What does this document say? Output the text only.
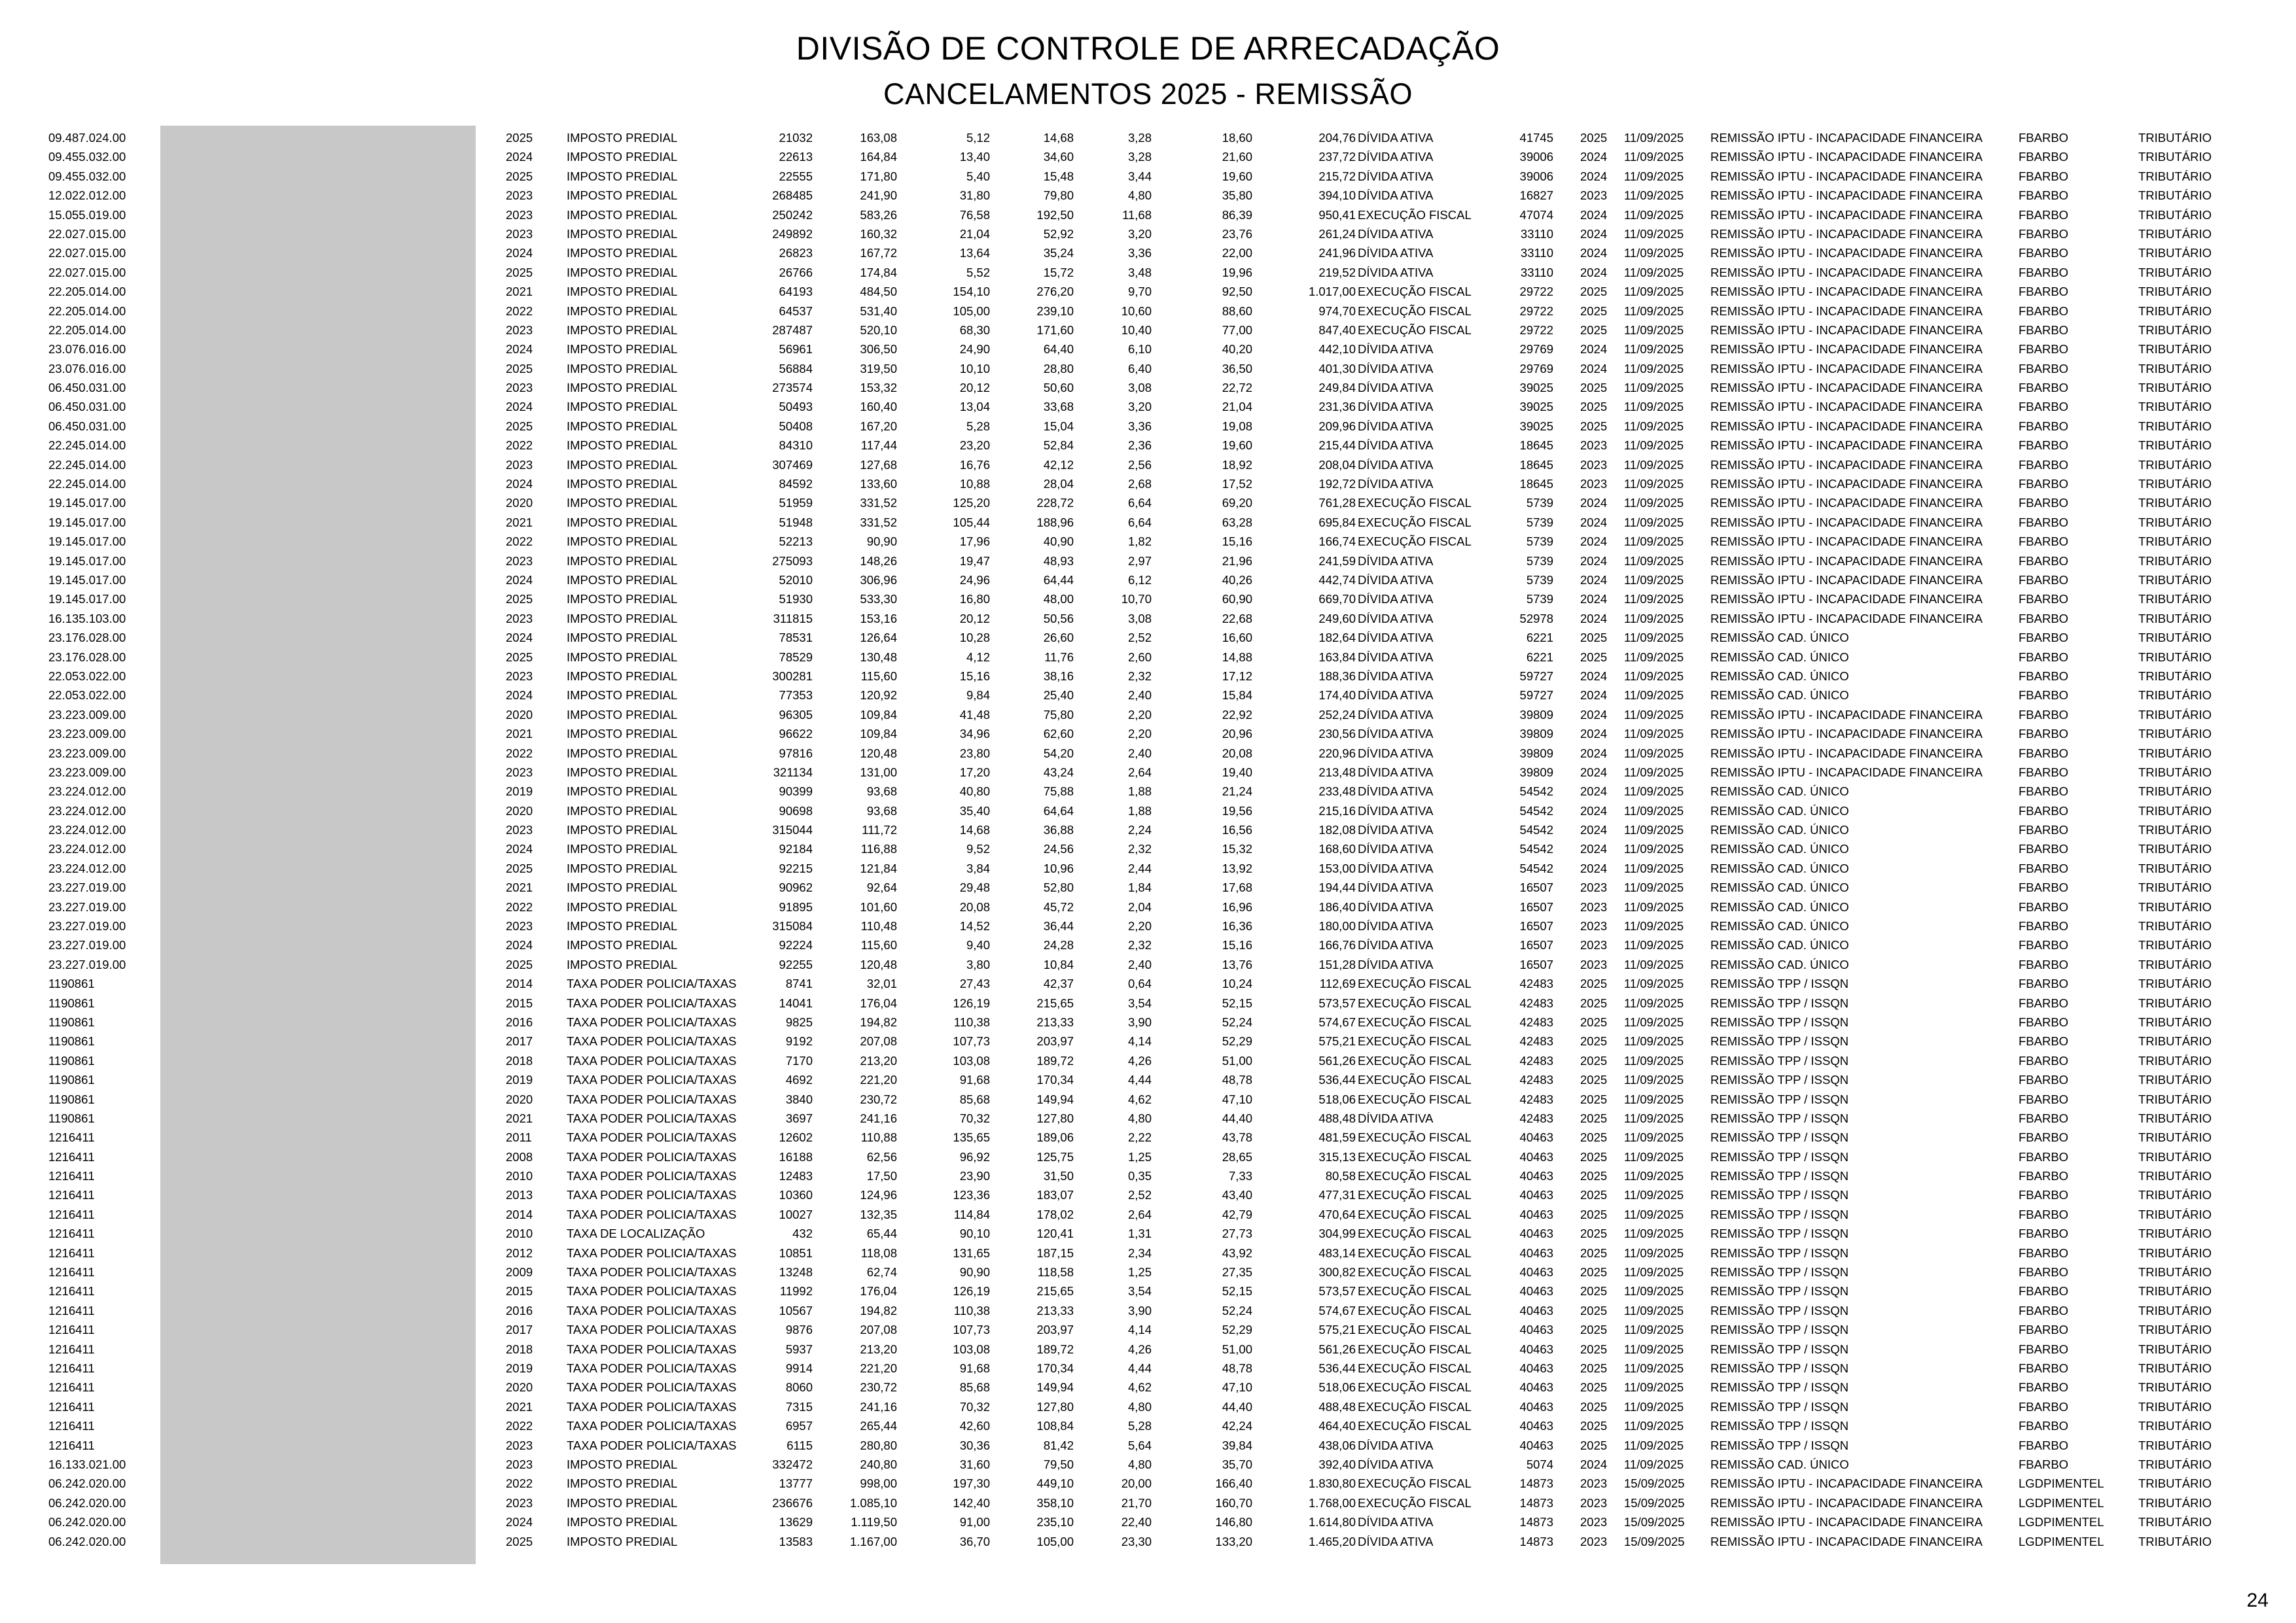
DIVISÃO DE CONTROLE DE ARRECADAÇÃO
CANCELAMENTOS 2025 - REMISSÃO
09.487.024.00	2025	IMPOSTO PREDIAL	21032	163,08	5,12	14,68	3,28	18,60	204,76 DÍVIDA ATIVA	41745 2025 11/09/2025 REMISSÃO IPTU - INCAPACIDADE FINANCEIRA	FBARBO	TRIBUTÁRIO
09.455.032.00	2024	IMPOSTO PREDIAL	22613	164,84	13,40	34,60	3,28	21,60	237,72 DÍVIDA ATIVA	39006 2024 11/09/2025 REMISSÃO IPTU - INCAPACIDADE FINANCEIRA	FBARBO	TRIBUTÁRIO
09.455.032.00	2025	IMPOSTO PREDIAL	22555	171,80	5,40	15,48	3,44	19,60	215,72 DÍVIDA ATIVA	39006 2024 11/09/2025 REMISSÃO IPTU - INCAPACIDADE FINANCEIRA	FBARBO	TRIBUTÁRIO
12.022.012.00	2023	IMPOSTO PREDIAL	268485	241,90	31,80	79,80	4,80	35,80	394,10 DÍVIDA ATIVA	16827 2023 11/09/2025 REMISSÃO IPTU - INCAPACIDADE FINANCEIRA	FBARBO	TRIBUTÁRIO
15.055.019.00	2023	IMPOSTO PREDIAL	250242	583,26	76,58	192,50	11,68	86,39	950,41 EXECUÇÃO FISCAL	47074 2024 11/09/2025 REMISSÃO IPTU - INCAPACIDADE FINANCEIRA	FBARBO	TRIBUTÁRIO
22.027.015.00	2023	IMPOSTO PREDIAL	249892	160,32	21,04	52,92	3,20	23,76	261,24 DÍVIDA ATIVA	33110 2024 11/09/2025 REMISSÃO IPTU - INCAPACIDADE FINANCEIRA	FBARBO	TRIBUTÁRIO
22.027.015.00	2024	IMPOSTO PREDIAL	26823	167,72	13,64	35,24	3,36	22,00	241,96 DÍVIDA ATIVA	33110 2024 11/09/2025 REMISSÃO IPTU - INCAPACIDADE FINANCEIRA	FBARBO	TRIBUTÁRIO
22.027.015.00	2025	IMPOSTO PREDIAL	26766	174,84	5,52	15,72	3,48	19,96	219,52 DÍVIDA ATIVA	33110 2024 11/09/2025 REMISSÃO IPTU - INCAPACIDADE FINANCEIRA	FBARBO	TRIBUTÁRIO
22.205.014.00	2021	IMPOSTO PREDIAL	64193	484,50	154,10	276,20	9,70	92,50	1.017,00 EXECUÇÃO FISCAL	29722 2025 11/09/2025 REMISSÃO IPTU - INCAPACIDADE FINANCEIRA	FBARBO	TRIBUTÁRIO
22.205.014.00	2022	IMPOSTO PREDIAL	64537	531,40	105,00	239,10	10,60	88,60	974,70 EXECUÇÃO FISCAL	29722 2025 11/09/2025 REMISSÃO IPTU - INCAPACIDADE FINANCEIRA	FBARBO	TRIBUTÁRIO
22.205.014.00	2023	IMPOSTO PREDIAL	287487	520,10	68,30	171,60	10,40	77,00	847,40 EXECUÇÃO FISCAL	29722 2025 11/09/2025 REMISSÃO IPTU - INCAPACIDADE FINANCEIRA	FBARBO	TRIBUTÁRIO
23.076.016.00	2024	IMPOSTO PREDIAL	56961	306,50	24,90	64,40	6,10	40,20	442,10 DÍVIDA ATIVA	29769 2024 11/09/2025 REMISSÃO IPTU - INCAPACIDADE FINANCEIRA	FBARBO	TRIBUTÁRIO
23.076.016.00	2025	IMPOSTO PREDIAL	56884	319,50	10,10	28,80	6,40	36,50	401,30 DÍVIDA ATIVA	29769 2024 11/09/2025 REMISSÃO IPTU - INCAPACIDADE FINANCEIRA	FBARBO	TRIBUTÁRIO
06.450.031.00	2023	IMPOSTO PREDIAL	273574	153,32	20,12	50,60	3,08	22,72	249,84 DÍVIDA ATIVA	39025 2025 11/09/2025 REMISSÃO IPTU - INCAPACIDADE FINANCEIRA	FBARBO	TRIBUTÁRIO
06.450.031.00	2024	IMPOSTO PREDIAL	50493	160,40	13,04	33,68	3,20	21,04	231,36 DÍVIDA ATIVA	39025 2025 11/09/2025 REMISSÃO IPTU - INCAPACIDADE FINANCEIRA	FBARBO	TRIBUTÁRIO
06.450.031.00	2025	IMPOSTO PREDIAL	50408	167,20	5,28	15,04	3,36	19,08	209,96 DÍVIDA ATIVA	39025 2025 11/09/2025 REMISSÃO IPTU - INCAPACIDADE FINANCEIRA	FBARBO	TRIBUTÁRIO
22.245.014.00	2022	IMPOSTO PREDIAL	84310	117,44	23,20	52,84	2,36	19,60	215,44 DÍVIDA ATIVA	18645 2023 11/09/2025 REMISSÃO IPTU - INCAPACIDADE FINANCEIRA	FBARBO	TRIBUTÁRIO
22.245.014.00	2023	IMPOSTO PREDIAL	307469	127,68	16,76	42,12	2,56	18,92	208,04 DÍVIDA ATIVA	18645 2023 11/09/2025 REMISSÃO IPTU - INCAPACIDADE FINANCEIRA	FBARBO	TRIBUTÁRIO
22.245.014.00	2024	IMPOSTO PREDIAL	84592	133,60	10,88	28,04	2,68	17,52	192,72 DÍVIDA ATIVA	18645 2023 11/09/2025 REMISSÃO IPTU - INCAPACIDADE FINANCEIRA	FBARBO	TRIBUTÁRIO
19.145.017.00	2020	IMPOSTO PREDIAL	51959	331,52	125,20	228,72	6,64	69,20	761,28 EXECUÇÃO FISCAL	5739 2024 11/09/2025 REMISSÃO IPTU - INCAPACIDADE FINANCEIRA	FBARBO	TRIBUTÁRIO
19.145.017.00	2021	IMPOSTO PREDIAL	51948	331,52	105,44	188,96	6,64	63,28	695,84 EXECUÇÃO FISCAL	5739 2024 11/09/2025 REMISSÃO IPTU - INCAPACIDADE FINANCEIRA	FBARBO	TRIBUTÁRIO
19.145.017.00	2022	IMPOSTO PREDIAL	52213	90,90	17,96	40,90	1,82	15,16	166,74 EXECUÇÃO FISCAL	5739 2024 11/09/2025 REMISSÃO IPTU - INCAPACIDADE FINANCEIRA	FBARBO	TRIBUTÁRIO
19.145.017.00	2023	IMPOSTO PREDIAL	275093	148,26	19,47	48,93	2,97	21,96	241,59 DÍVIDA ATIVA	5739 2024 11/09/2025 REMISSÃO IPTU - INCAPACIDADE FINANCEIRA	FBARBO	TRIBUTÁRIO
19.145.017.00	2024	IMPOSTO PREDIAL	52010	306,96	24,96	64,44	6,12	40,26	442,74 DÍVIDA ATIVA	5739 2024 11/09/2025 REMISSÃO IPTU - INCAPACIDADE FINANCEIRA	FBARBO	TRIBUTÁRIO
19.145.017.00	2025	IMPOSTO PREDIAL	51930	533,30	16,80	48,00	10,70	60,90	669,70 DÍVIDA ATIVA	5739 2024 11/09/2025 REMISSÃO IPTU - INCAPACIDADE FINANCEIRA	FBARBO	TRIBUTÁRIO
16.135.103.00	2023	IMPOSTO PREDIAL	311815	153,16	20,12	50,56	3,08	22,68	249,60 DÍVIDA ATIVA	52978 2024 11/09/2025 REMISSÃO IPTU - INCAPACIDADE FINANCEIRA	FBARBO	TRIBUTÁRIO
23.176.028.00	2024	IMPOSTO PREDIAL	78531	126,64	10,28	26,60	2,52	16,60	182,64 DÍVIDA ATIVA	6221 2025 11/09/2025 REMISSÃO CAD. ÚNICO	FBARBO	TRIBUTÁRIO
23.176.028.00	2025	IMPOSTO PREDIAL	78529	130,48	4,12	11,76	2,60	14,88	163,84 DÍVIDA ATIVA	6221 2025 11/09/2025 REMISSÃO CAD. ÚNICO	FBARBO	TRIBUTÁRIO
22.053.022.00	2023	IMPOSTO PREDIAL	300281	115,60	15,16	38,16	2,32	17,12	188,36 DÍVIDA ATIVA	59727 2024 11/09/2025 REMISSÃO CAD. ÚNICO	FBARBO	TRIBUTÁRIO
22.053.022.00	2024	IMPOSTO PREDIAL	77353	120,92	9,84	25,40	2,40	15,84	174,40 DÍVIDA ATIVA	59727 2024 11/09/2025 REMISSÃO CAD. ÚNICO	FBARBO	TRIBUTÁRIO
23.223.009.00	2020	IMPOSTO PREDIAL	96305	109,84	41,48	75,80	2,20	22,92	252,24 DÍVIDA ATIVA	39809 2024 11/09/2025 REMISSÃO IPTU - INCAPACIDADE FINANCEIRA	FBARBO	TRIBUTÁRIO
23.223.009.00	2021	IMPOSTO PREDIAL	96622	109,84	34,96	62,60	2,20	20,96	230,56 DÍVIDA ATIVA	39809 2024 11/09/2025 REMISSÃO IPTU - INCAPACIDADE FINANCEIRA	FBARBO	TRIBUTÁRIO
23.223.009.00	2022	IMPOSTO PREDIAL	97816	120,48	23,80	54,20	2,40	20,08	220,96 DÍVIDA ATIVA	39809 2024 11/09/2025 REMISSÃO IPTU - INCAPACIDADE FINANCEIRA	FBARBO	TRIBUTÁRIO
23.223.009.00	2023	IMPOSTO PREDIAL	321134	131,00	17,20	43,24	2,64	19,40	213,48 DÍVIDA ATIVA	39809 2024 11/09/2025 REMISSÃO IPTU - INCAPACIDADE FINANCEIRA	FBARBO	TRIBUTÁRIO
23.224.012.00	2019	IMPOSTO PREDIAL	90399	93,68	40,80	75,88	1,88	21,24	233,48 DÍVIDA ATIVA	54542 2024 11/09/2025 REMISSÃO CAD. ÚNICO	FBARBO	TRIBUTÁRIO
23.224.012.00	2020	IMPOSTO PREDIAL	90698	93,68	35,40	64,64	1,88	19,56	215,16 DÍVIDA ATIVA	54542 2024 11/09/2025 REMISSÃO CAD. ÚNICO	FBARBO	TRIBUTÁRIO
23.224.012.00	2023	IMPOSTO PREDIAL	315044	111,72	14,68	36,88	2,24	16,56	182,08 DÍVIDA ATIVA	54542 2024 11/09/2025 REMISSÃO CAD. ÚNICO	FBARBO	TRIBUTÁRIO
23.224.012.00	2024	IMPOSTO PREDIAL	92184	116,88	9,52	24,56	2,32	15,32	168,60 DÍVIDA ATIVA	54542 2024 11/09/2025 REMISSÃO CAD. ÚNICO	FBARBO	TRIBUTÁRIO
23.224.012.00	2025	IMPOSTO PREDIAL	92215	121,84	3,84	10,96	2,44	13,92	153,00 DÍVIDA ATIVA	54542 2024 11/09/2025 REMISSÃO CAD. ÚNICO	FBARBO	TRIBUTÁRIO
23.227.019.00	2021	IMPOSTO PREDIAL	90962	92,64	29,48	52,80	1,84	17,68	194,44 DÍVIDA ATIVA	16507 2023 11/09/2025 REMISSÃO CAD. ÚNICO	FBARBO	TRIBUTÁRIO
23.227.019.00	2022	IMPOSTO PREDIAL	91895	101,60	20,08	45,72	2,04	16,96	186,40 DÍVIDA ATIVA	16507 2023 11/09/2025 REMISSÃO CAD. ÚNICO	FBARBO	TRIBUTÁRIO
23.227.019.00	2023	IMPOSTO PREDIAL	315084	110,48	14,52	36,44	2,20	16,36	180,00 DÍVIDA ATIVA	16507 2023 11/09/2025 REMISSÃO CAD. ÚNICO	FBARBO	TRIBUTÁRIO
23.227.019.00	2024	IMPOSTO PREDIAL	92224	115,60	9,40	24,28	2,32	15,16	166,76 DÍVIDA ATIVA	16507 2023 11/09/2025 REMISSÃO CAD. ÚNICO	FBARBO	TRIBUTÁRIO
23.227.019.00	2025	IMPOSTO PREDIAL	92255	120,48	3,80	10,84	2,40	13,76	151,28 DÍVIDA ATIVA	16507 2023 11/09/2025 REMISSÃO CAD. ÚNICO	FBARBO	TRIBUTÁRIO
1190861	2014	TAXA PODER POLICIA/TAXAS	8741	32,01	27,43	42,37	0,64	10,24	112,69 EXECUÇÃO FISCAL	42483 2025 11/09/2025 REMISSÃO TPP / ISSQN	FBARBO	TRIBUTÁRIO
1190861	2015	TAXA PODER POLICIA/TAXAS	14041	176,04	126,19	215,65	3,54	52,15	573,57 EXECUÇÃO FISCAL	42483 2025 11/09/2025 REMISSÃO TPP / ISSQN	FBARBO	TRIBUTÁRIO
1190861	2016	TAXA PODER POLICIA/TAXAS	9825	194,82	110,38	213,33	3,90	52,24	574,67 EXECUÇÃO FISCAL	42483 2025 11/09/2025 REMISSÃO TPP / ISSQN	FBARBO	TRIBUTÁRIO
1190861	2017	TAXA PODER POLICIA/TAXAS	9192	207,08	107,73	203,97	4,14	52,29	575,21 EXECUÇÃO FISCAL	42483 2025 11/09/2025 REMISSÃO TPP / ISSQN	FBARBO	TRIBUTÁRIO
1190861	2018	TAXA PODER POLICIA/TAXAS	7170	213,20	103,08	189,72	4,26	51,00	561,26 EXECUÇÃO FISCAL	42483 2025 11/09/2025 REMISSÃO TPP / ISSQN	FBARBO	TRIBUTÁRIO
1190861	2019	TAXA PODER POLICIA/TAXAS	4692	221,20	91,68	170,34	4,44	48,78	536,44 EXECUÇÃO FISCAL	42483 2025 11/09/2025 REMISSÃO TPP / ISSQN	FBARBO	TRIBUTÁRIO
1190861	2020	TAXA PODER POLICIA/TAXAS	3840	230,72	85,68	149,94	4,62	47,10	518,06 EXECUÇÃO FISCAL	42483 2025 11/09/2025 REMISSÃO TPP / ISSQN	FBARBO	TRIBUTÁRIO
1190861	2021	TAXA PODER POLICIA/TAXAS	3697	241,16	70,32	127,80	4,80	44,40	488,48 DÍVIDA ATIVA	42483 2025 11/09/2025 REMISSÃO TPP / ISSQN	FBARBO	TRIBUTÁRIO
1216411	2011	TAXA PODER POLICIA/TAXAS	12602	110,88	135,65	189,06	2,22	43,78	481,59 EXECUÇÃO FISCAL	40463 2025 11/09/2025 REMISSÃO TPP / ISSQN	FBARBO	TRIBUTÁRIO
1216411	2008	TAXA PODER POLICIA/TAXAS	16188	62,56	96,92	125,75	1,25	28,65	315,13 EXECUÇÃO FISCAL	40463 2025 11/09/2025 REMISSÃO TPP / ISSQN	FBARBO	TRIBUTÁRIO
1216411	2010	TAXA PODER POLICIA/TAXAS	12483	17,50	23,90	31,50	0,35	7,33	80,58 EXECUÇÃO FISCAL	40463 2025 11/09/2025 REMISSÃO TPP / ISSQN	FBARBO	TRIBUTÁRIO
1216411	2013	TAXA PODER POLICIA/TAXAS	10360	124,96	123,36	183,07	2,52	43,40	477,31 EXECUÇÃO FISCAL	40463 2025 11/09/2025 REMISSÃO TPP / ISSQN	FBARBO	TRIBUTÁRIO
1216411	2014	TAXA PODER POLICIA/TAXAS	10027	132,35	114,84	178,02	2,64	42,79	470,64 EXECUÇÃO FISCAL	40463 2025 11/09/2025 REMISSÃO TPP / ISSQN	FBARBO	TRIBUTÁRIO
1216411	2010	TAXA DE LOCALIZAÇÃO	432	65,44	90,10	120,41	1,31	27,73	304,99 EXECUÇÃO FISCAL	40463 2025 11/09/2025 REMISSÃO TPP / ISSQN	FBARBO	TRIBUTÁRIO
1216411	2012	TAXA PODER POLICIA/TAXAS	10851	118,08	131,65	187,15	2,34	43,92	483,14 EXECUÇÃO FISCAL	40463 2025 11/09/2025 REMISSÃO TPP / ISSQN	FBARBO	TRIBUTÁRIO
1216411	2009	TAXA PODER POLICIA/TAXAS	13248	62,74	90,90	118,58	1,25	27,35	300,82 EXECUÇÃO FISCAL	40463 2025 11/09/2025 REMISSÃO TPP / ISSQN	FBARBO	TRIBUTÁRIO
1216411	2015	TAXA PODER POLICIA/TAXAS	11992	176,04	126,19	215,65	3,54	52,15	573,57 EXECUÇÃO FISCAL	40463 2025 11/09/2025 REMISSÃO TPP / ISSQN	FBARBO	TRIBUTÁRIO
1216411	2016	TAXA PODER POLICIA/TAXAS	10567	194,82	110,38	213,33	3,90	52,24	574,67 EXECUÇÃO FISCAL	40463 2025 11/09/2025 REMISSÃO TPP / ISSQN	FBARBO	TRIBUTÁRIO
1216411	2017	TAXA PODER POLICIA/TAXAS	9876	207,08	107,73	203,97	4,14	52,29	575,21 EXECUÇÃO FISCAL	40463 2025 11/09/2025 REMISSÃO TPP / ISSQN	FBARBO	TRIBUTÁRIO
1216411	2018	TAXA PODER POLICIA/TAXAS	5937	213,20	103,08	189,72	4,26	51,00	561,26 EXECUÇÃO FISCAL	40463 2025 11/09/2025 REMISSÃO TPP / ISSQN	FBARBO	TRIBUTÁRIO
1216411	2019	TAXA PODER POLICIA/TAXAS	9914	221,20	91,68	170,34	4,44	48,78	536,44 EXECUÇÃO FISCAL	40463 2025 11/09/2025 REMISSÃO TPP / ISSQN	FBARBO	TRIBUTÁRIO
1216411	2020	TAXA PODER POLICIA/TAXAS	8060	230,72	85,68	149,94	4,62	47,10	518,06 EXECUÇÃO FISCAL	40463 2025 11/09/2025 REMISSÃO TPP / ISSQN	FBARBO	TRIBUTÁRIO
1216411	2021	TAXA PODER POLICIA/TAXAS	7315	241,16	70,32	127,80	4,80	44,40	488,48 EXECUÇÃO FISCAL	40463 2025 11/09/2025 REMISSÃO TPP / ISSQN	FBARBO	TRIBUTÁRIO
1216411	2022	TAXA PODER POLICIA/TAXAS	6957	265,44	42,60	108,84	5,28	42,24	464,40 EXECUÇÃO FISCAL	40463 2025 11/09/2025 REMISSÃO TPP / ISSQN	FBARBO	TRIBUTÁRIO
1216411	2023	TAXA PODER POLICIA/TAXAS	6115	280,80	30,36	81,42	5,64	39,84	438,06 DÍVIDA ATIVA	40463 2025 11/09/2025 REMISSÃO TPP / ISSQN	FBARBO	TRIBUTÁRIO
16.133.021.00	2023	IMPOSTO PREDIAL	332472	240,80	31,60	79,50	4,80	35,70	392,40 DÍVIDA ATIVA	5074 2024 11/09/2025 REMISSÃO CAD. ÚNICO	FBARBO	TRIBUTÁRIO
06.242.020.00	2022	IMPOSTO PREDIAL	13777	998,00	197,30	449,10	20,00	166,40	1.830,80 EXECUÇÃO FISCAL	14873 2023 15/09/2025 REMISSÃO IPTU - INCAPACIDADE FINANCEIRA	LGDPIMENTEL	TRIBUTÁRIO
06.242.020.00	2023	IMPOSTO PREDIAL	236676	1.085,10	142,40	358,10	21,70	160,70	1.768,00 EXECUÇÃO FISCAL	14873 2023 15/09/2025 REMISSÃO IPTU - INCAPACIDADE FINANCEIRA	LGDPIMENTEL	TRIBUTÁRIO
06.242.020.00	2024	IMPOSTO PREDIAL	13629	1.119,50	91,00	235,10	22,40	146,80	1.614,80 DÍVIDA ATIVA	14873 2023 15/09/2025 REMISSÃO IPTU - INCAPACIDADE FINANCEIRA	LGDPIMENTEL	TRIBUTÁRIO
06.242.020.00	2025	IMPOSTO PREDIAL	13583	1.167,00	36,70	105,00	23,30	133,20	1.465,20 DÍVIDA ATIVA	14873 2023 15/09/2025 REMISSÃO IPTU - INCAPACIDADE FINANCEIRA	LGDPIMENTEL	TRIBUTÁRIO
24
